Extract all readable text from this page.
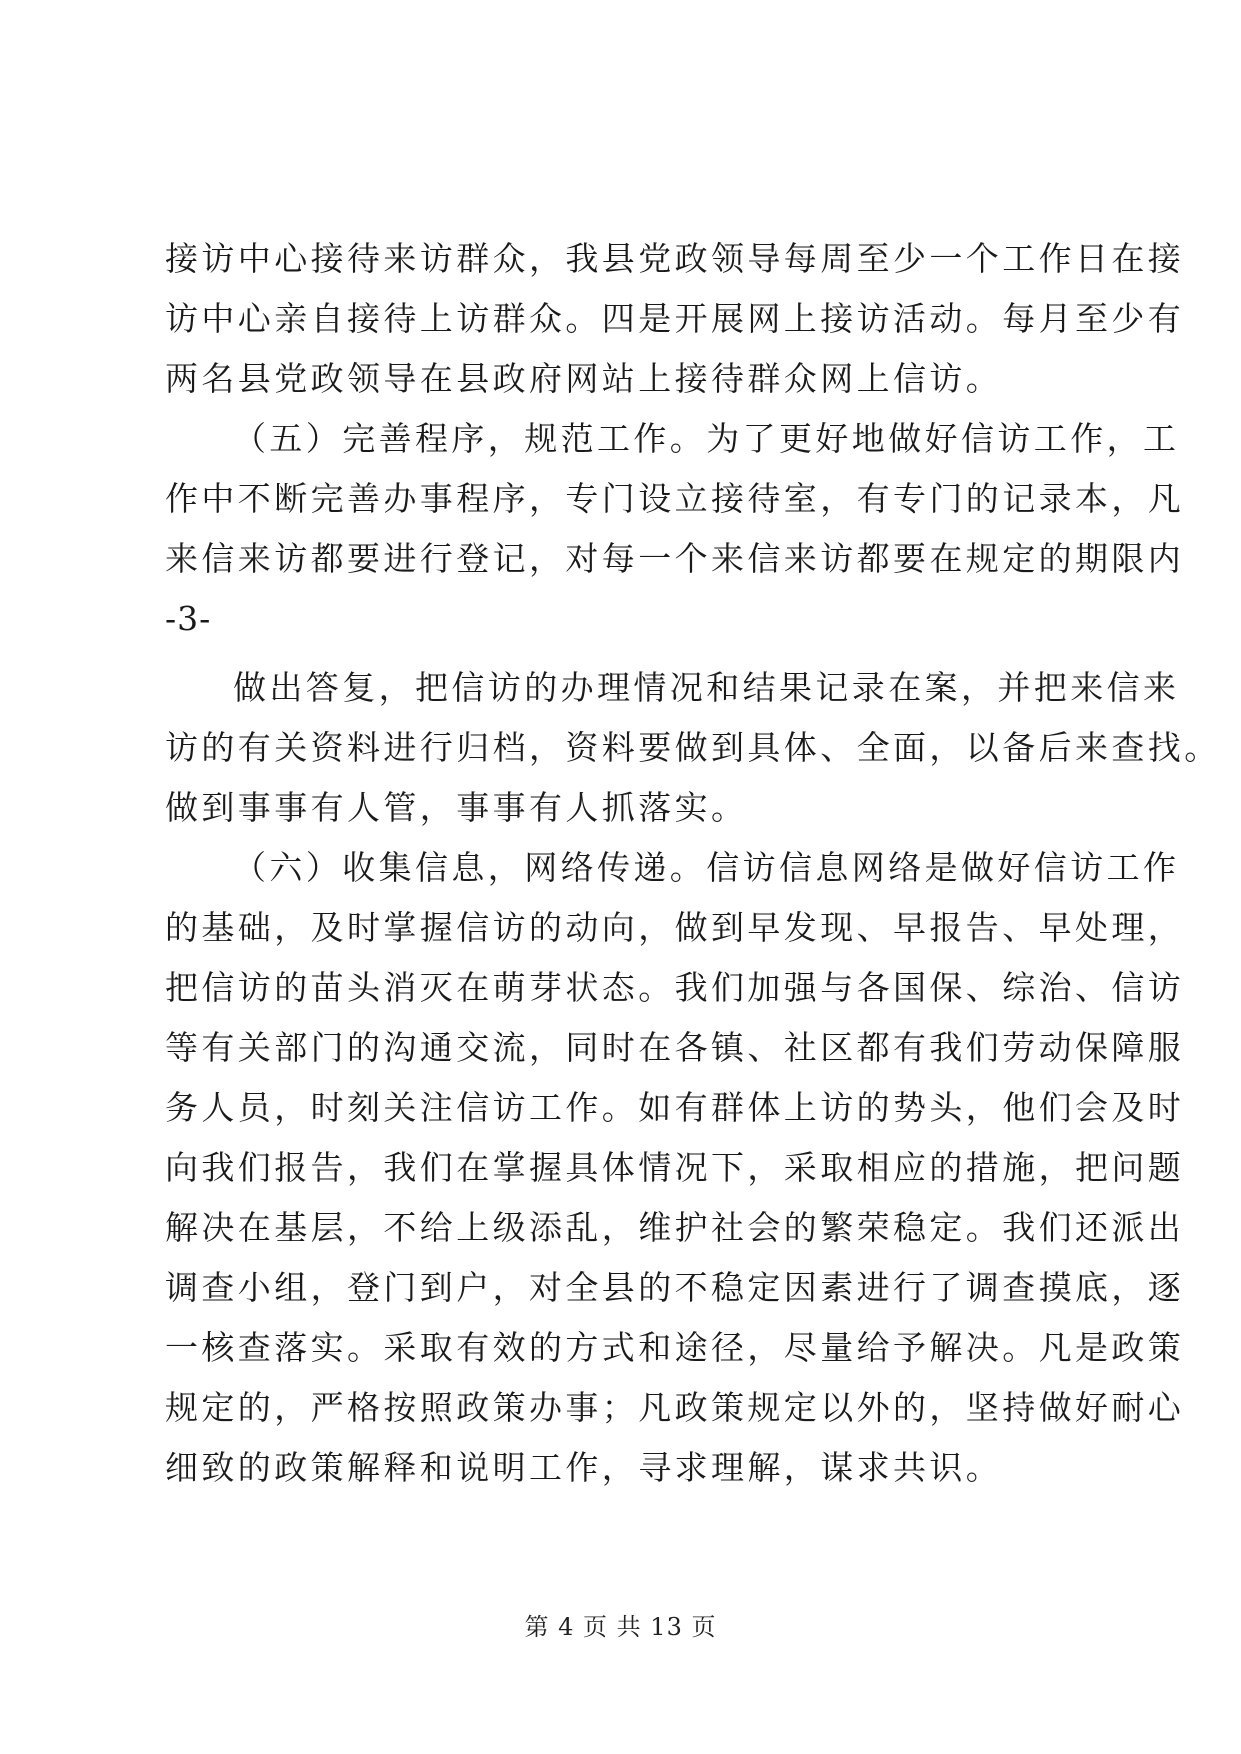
接访中心接待来访群众，我县党政领导每周至少一个工作日在接
访中心亲自接待上访群众。四是开展网上接访活动。每月至少有
两名县党政领导在县政府网站上接待群众网上信访。
（五）完善程序，规范工作。为了更好地做好信访工作，工
作中不断完善办事程序，专门设立接待室，有专门的记录本，凡
来信来访都要进行登记，对每一个来信来访都要在规定的期限内
-3-
做出答复，把信访的办理情况和结果记录在案，并把来信来
访的有关资料进行归档，资料要做到具体、全面，以备后来查找。
做到事事有人管，事事有人抓落实。
（六）收集信息，网络传递。信访信息网络是做好信访工作
的基础，及时掌握信访的动向，做到早发现、早报告、早处理，
把信访的苗头消灭在萌芽状态。我们加强与各国保、综治、信访
等有关部门的沟通交流，同时在各镇、社区都有我们劳动保障服
务人员，时刻关注信访工作。如有群体上访的势头，他们会及时
向我们报告，我们在掌握具体情况下，采取相应的措施，把问题
解决在基层，不给上级添乱，维护社会的繁荣稳定。我们还派出
调查小组，登门到户，对全县的不稳定因素进行了调查摸底，逐
一核查落实。采取有效的方式和途径，尽量给予解决。凡是政策
规定的，严格按照政策办事；凡政策规定以外的，坚持做好耐心
细致的政策解释和说明工作，寻求理解，谋求共识。
第 4 页 共 13 页
